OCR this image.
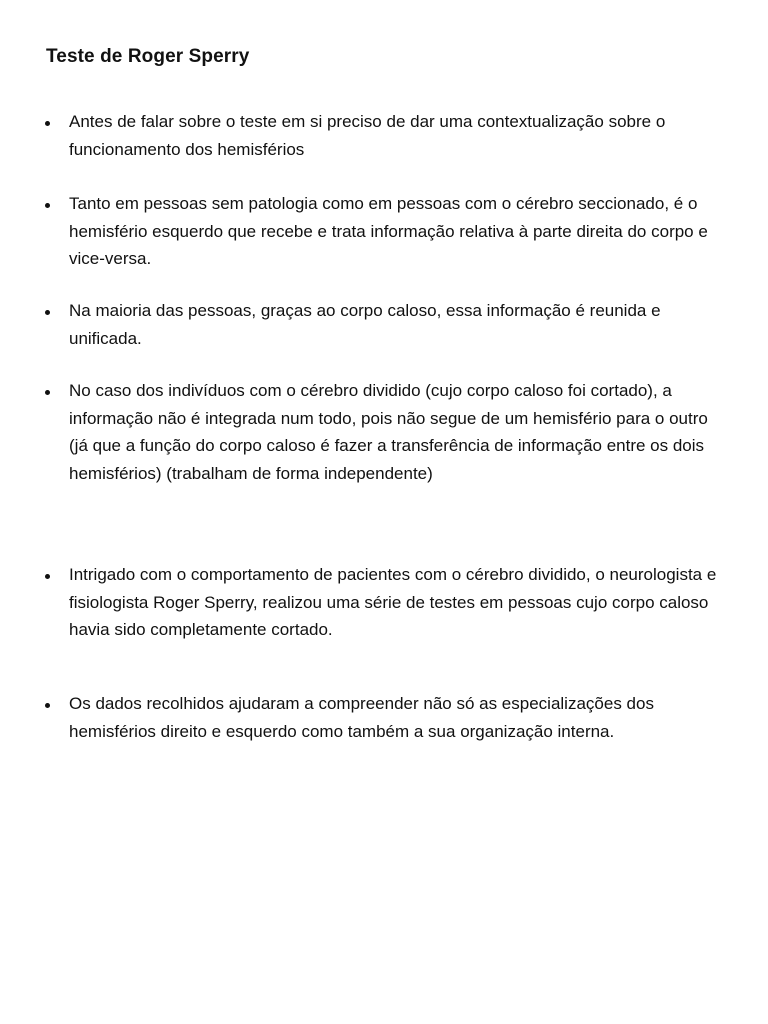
Teste de Roger Sperry

Antes de falar sobre o teste em si preciso de dar uma contextualização sobre o funcionamento dos hemisférios

Tanto em pessoas sem patologia como em pessoas com o cérebro seccionado, é o hemisfério esquerdo que recebe e trata informação relativa à parte direita do corpo e vice-versa.

Na maioria das pessoas, graças ao corpo caloso, essa informação é reunida e unificada.

No caso dos indivíduos com o cérebro dividido (cujo corpo caloso foi cortado), a informação não é integrada num todo, pois não segue de um hemisfério para o outro (já que a função do corpo caloso é fazer a transferência de informação entre os dois hemisférios) (trabalham de forma independente)

Intrigado com o comportamento de pacientes com o cérebro dividido, o neurologista e fisiologista Roger Sperry, realizou uma série de testes em pessoas cujo corpo caloso havia sido completamente cortado.

Os dados recolhidos ajudaram a compreender não só as especializações dos hemisférios direito e esquerdo como também a sua organização interna.
